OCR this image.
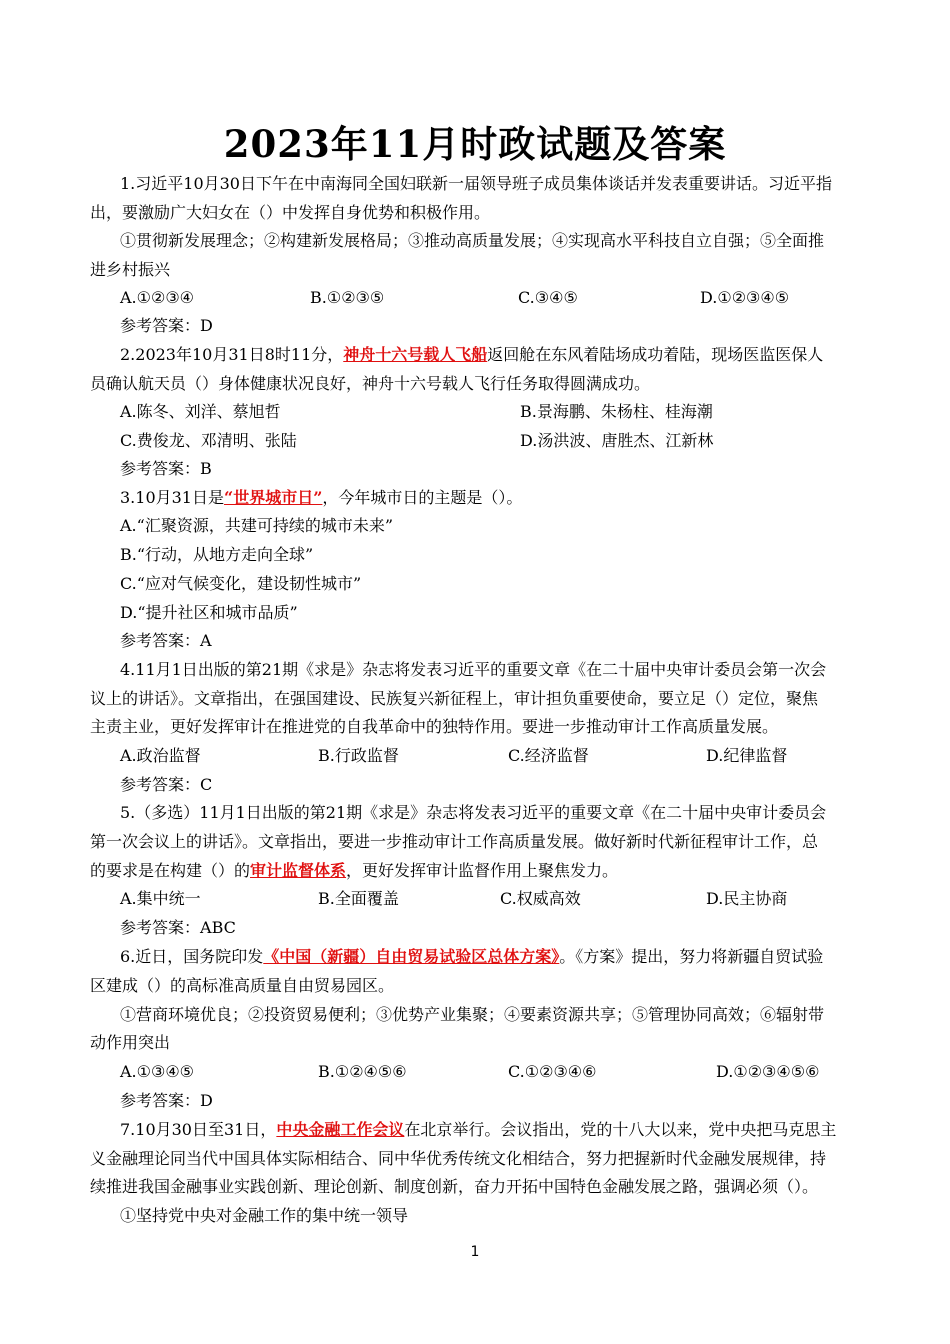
2023年11月时政试题及答案
1.习近平10月30日下午在中南海同全国妇联新一届领导班子成员集体谈话并发表重要讲话。习近平指
出，要激励广大妇女在（）中发挥自身优势和积极作用。
①贯彻新发展理念；②构建新发展格局；③推动高质量发展；④实现高水平科技自立自强；⑤全面推
进乡村振兴
A.①②③④	B.①②③⑤	C.③④⑤	D.①②③④⑤
参考答案：D
2.2023年10月31日8时11分，神舟十六号载人飞船返回舱在东风着陆场成功着陆，现场医监医保人
员确认航天员（）身体健康状况良好，神舟十六号载人飞行任务取得圆满成功。
A.陈冬、刘洋、蔡旭哲	B.景海鹏、朱杨柱、桂海潮
C.费俊龙、邓清明、张陆	D.汤洪波、唐胜杰、江新林
参考答案：B
3.10月31日是“世界城市日”，今年城市日的主题是（）。
A.“汇聚资源，共建可持续的城市未来”
B.“行动，从地方走向全球”
C.“应对气候变化，建设韧性城市”
D.“提升社区和城市品质”
参考答案：A
4.11月1日出版的第21期《求是》杂志将发表习近平的重要文章《在二十届中央审计委员会第一次会
议上的讲话》。文章指出，在强国建设、民族复兴新征程上，审计担负重要使命，要立足（）定位，聚焦
主责主业，更好发挥审计在推进党的自我革命中的独特作用。要进一步推动审计工作高质量发展。
A.政治监督	B.行政监督	C.经济监督	D.纪律监督
参考答案：C
5.（多选）11月1日出版的第21期《求是》杂志将发表习近平的重要文章《在二十届中央审计委员会
第一次会议上的讲话》。文章指出，要进一步推动审计工作高质量发展。做好新时代新征程审计工作，总
的要求是在构建（）的审计监督体系，更好发挥审计监督作用上聚焦发力。
A.集中统一	B.全面覆盖	C.权威高效	D.民主协商
参考答案：ABC
6.近日，国务院印发《中国（新疆）自由贸易试验区总体方案》。《方案》提出，努力将新疆自贸试验
区建成（）的高标准高质量自由贸易园区。
①营商环境优良；②投资贸易便利；③优势产业集聚；④要素资源共享；⑤管理协同高效；⑥辐射带
动作用突出
A.①③④⑤	B.①②④⑤⑥	C.①②③④⑥	D.①②③④⑤⑥
参考答案：D
7.10月30日至31日，中央金融工作会议在北京举行。会议指出，党的十八大以来，党中央把马克思主
义金融理论同当代中国具体实际相结合、同中华优秀传统文化相结合，努力把握新时代金融发展规律，持
续推进我国金融事业实践创新、理论创新、制度创新，奋力开拓中国特色金融发展之路，强调必须（）。
①坚持党中央对金融工作的集中统一领导
1
